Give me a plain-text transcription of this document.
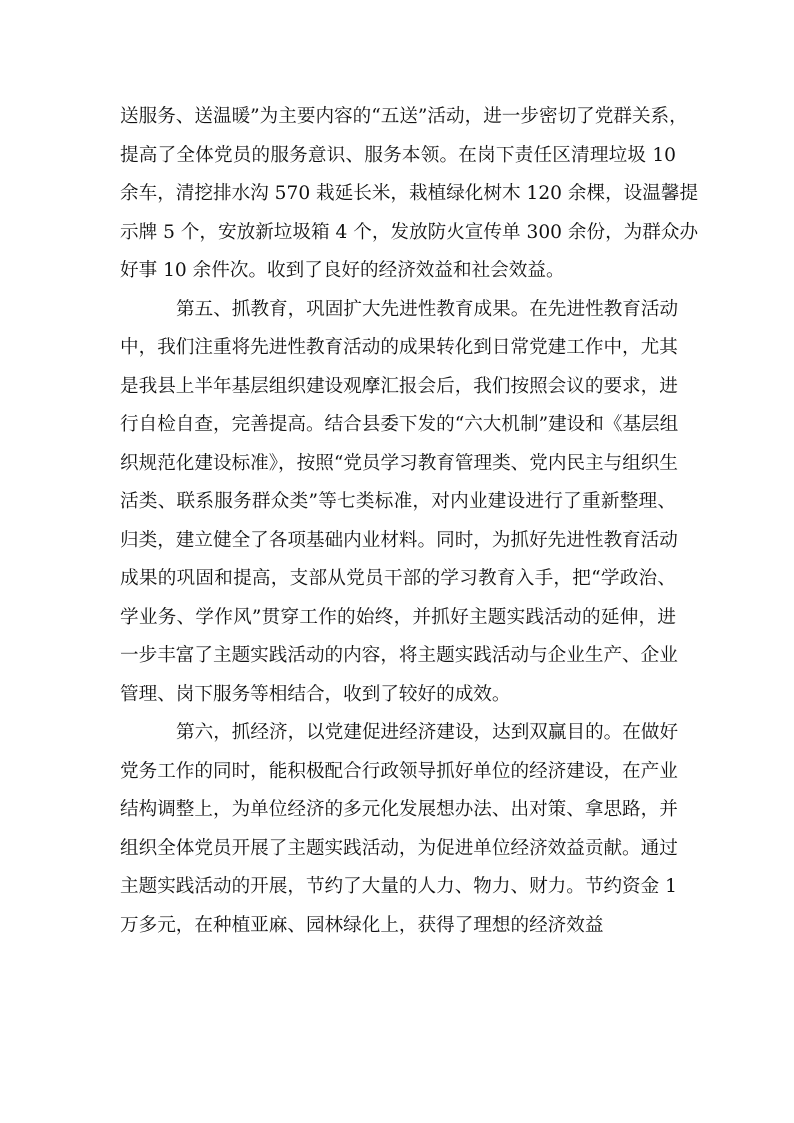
送服务、送温暖”为主要内容的“五送”活动，进一步密切了党群关系，
提高了全体党员的服务意识、服务本领。在岗下责任区清理垃圾 10
余车，清挖排水沟 570 栽延长米，栽植绿化树木 120 余棵，设温馨提
示牌 5 个，安放新垃圾箱 4 个，发放防火宣传单 300 余份，为群众办
好事 10 余件次。收到了良好的经济效益和社会效益。
第五、抓教育，巩固扩大先进性教育成果。在先进性教育活动
中，我们注重将先进性教育活动的成果转化到日常党建工作中，尤其
是我县上半年基层组织建设观摩汇报会后，我们按照会议的要求，进
行自检自查，完善提高。结合县委下发的“六大机制”建设和《基层组
织规范化建设标准》，按照“党员学习教育管理类、党内民主与组织生
活类、联系服务群众类”等七类标准，对内业建设进行了重新整理、
归类，建立健全了各项基础内业材料。同时，为抓好先进性教育活动
成果的巩固和提高，支部从党员干部的学习教育入手，把“学政治、
学业务、学作风”贯穿工作的始终，并抓好主题实践活动的延伸，进
一步丰富了主题实践活动的内容，将主题实践活动与企业生产、企业
管理、岗下服务等相结合，收到了较好的成效。
第六，抓经济，以党建促进经济建设，达到双赢目的。在做好
党务工作的同时，能积极配合行政领导抓好单位的经济建设，在产业
结构调整上，为单位经济的多元化发展想办法、出对策、拿思路，并
组织全体党员开展了主题实践活动，为促进单位经济效益贡献。通过
主题实践活动的开展，节约了大量的人力、物力、财力。节约资金 1
万多元，在种植亚麻、园林绿化上，获得了理想的经济效益
